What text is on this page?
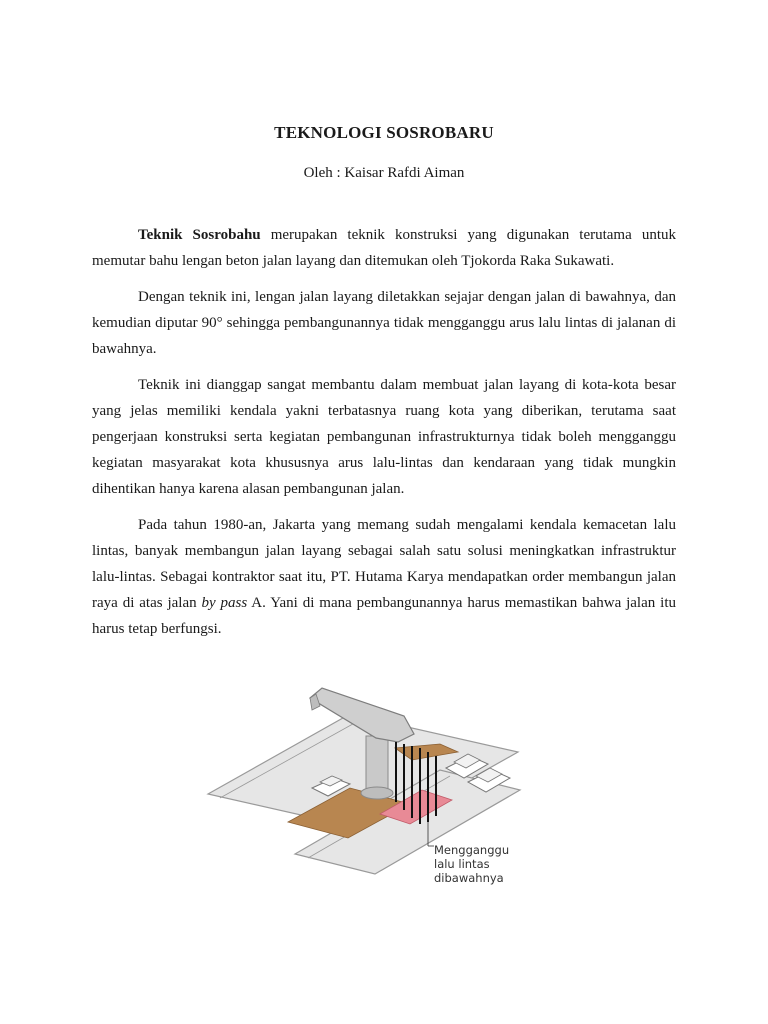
TEKNOLOGI SOSROBARU
Oleh : Kaisar Rafdi Aiman

Teknik Sosrobahu merupakan teknik konstruksi yang digunakan terutama untuk memutar bahu lengan beton jalan layang dan ditemukan oleh Tjokorda Raka Sukawati.

Dengan teknik ini, lengan jalan layang diletakkan sejajar dengan jalan di bawahnya, dan kemudian diputar 90° sehingga pembangunannya tidak mengganggu arus lalu lintas di jalanan di bawahnya.

Teknik ini dianggap sangat membantu dalam membuat jalan layang di kota-kota besar yang jelas memiliki kendala yakni terbatasnya ruang kota yang diberikan, terutama saat pengerjaan konstruksi serta kegiatan pembangunan infrastrukturnya tidak boleh mengganggu kegiatan masyarakat kota khususnya arus lalu-lintas dan kendaraan yang tidak mungkin dihentikan hanya karena alasan pembangunan jalan.

Pada tahun 1980-an, Jakarta yang memang sudah mengalami kendala kemacetan lalu lintas, banyak membangun jalan layang sebagai salah satu solusi meningkatkan infrastruktur lalu-lintas. Sebagai kontraktor saat itu, PT. Hutama Karya mendapatkan order membangun jalan raya di atas jalan by pass A. Yani di mana pembangunannya harus memastikan bahwa jalan itu harus tetap berfungsi.

Mengganggu
lalu lintas
dibawahnya
